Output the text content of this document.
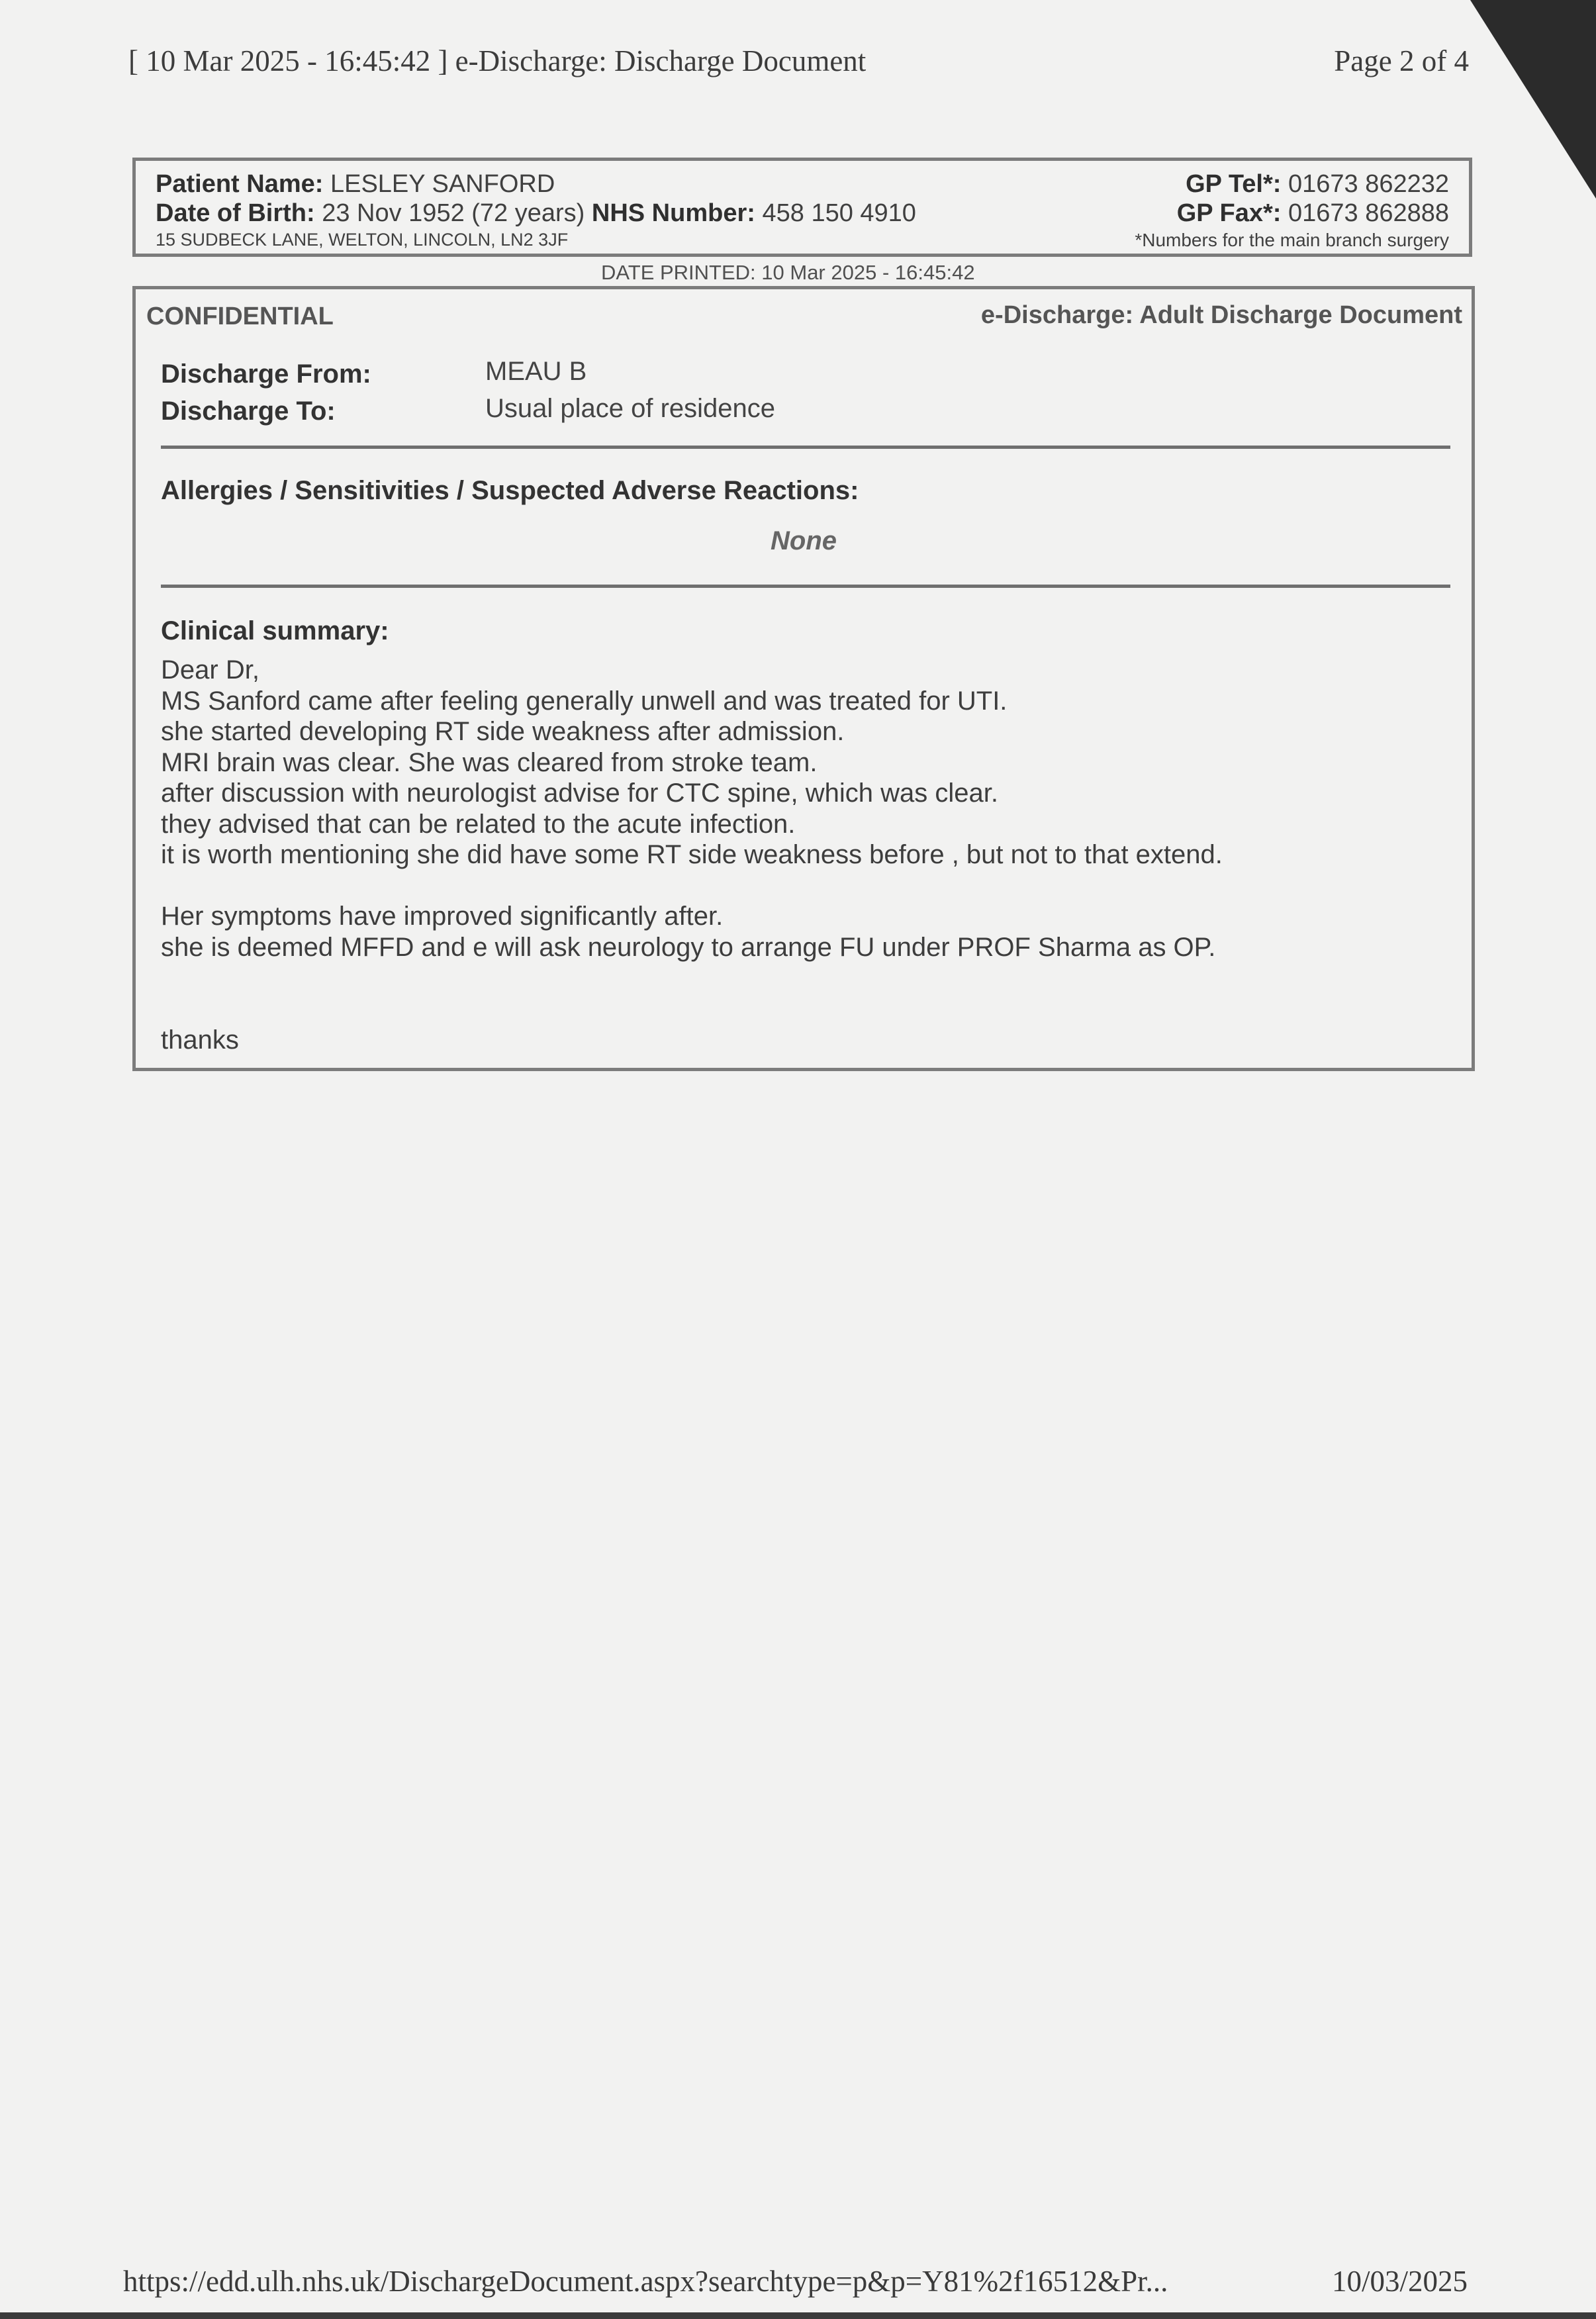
[ 10 Mar 2025 - 16:45:42 ] e-Discharge: Discharge Document	Page 2 of 4
Patient Name: LESLEY SANFORD
Date of Birth: 23 Nov 1952 (72 years) NHS Number: 458 150 4910
15 SUDBECK LANE, WELTON, LINCOLN, LN2 3JF
GP Tel*: 01673 862232
GP Fax*: 01673 862888
*Numbers for the main branch surgery
DATE PRINTED: 10 Mar 2025 - 16:45:42
CONFIDENTIAL	e-Discharge: Adult Discharge Document
Discharge From:	MEAU B
Discharge To:	Usual place of residence
Allergies / Sensitivities / Suspected Adverse Reactions:
None
Clinical summary:
Dear Dr,
MS Sanford came after feeling generally unwell and was treated for UTI.
she started developing RT side weakness after admission.
MRI brain was clear. She was cleared from stroke team.
after discussion with neurologist advise for CTC spine, which was clear.
they advised that can be related to the acute infection.
it is worth mentioning she did have some RT side weakness before , but not to that extend.
Her symptoms have improved significantly after.
she is deemed MFFD and e will ask neurology to arrange FU under PROF Sharma as OP.
thanks
https://edd.ulh.nhs.uk/DischargeDocument.aspx?searchtype=p&p=Y81%2f16512&Pr...	10/03/2025
